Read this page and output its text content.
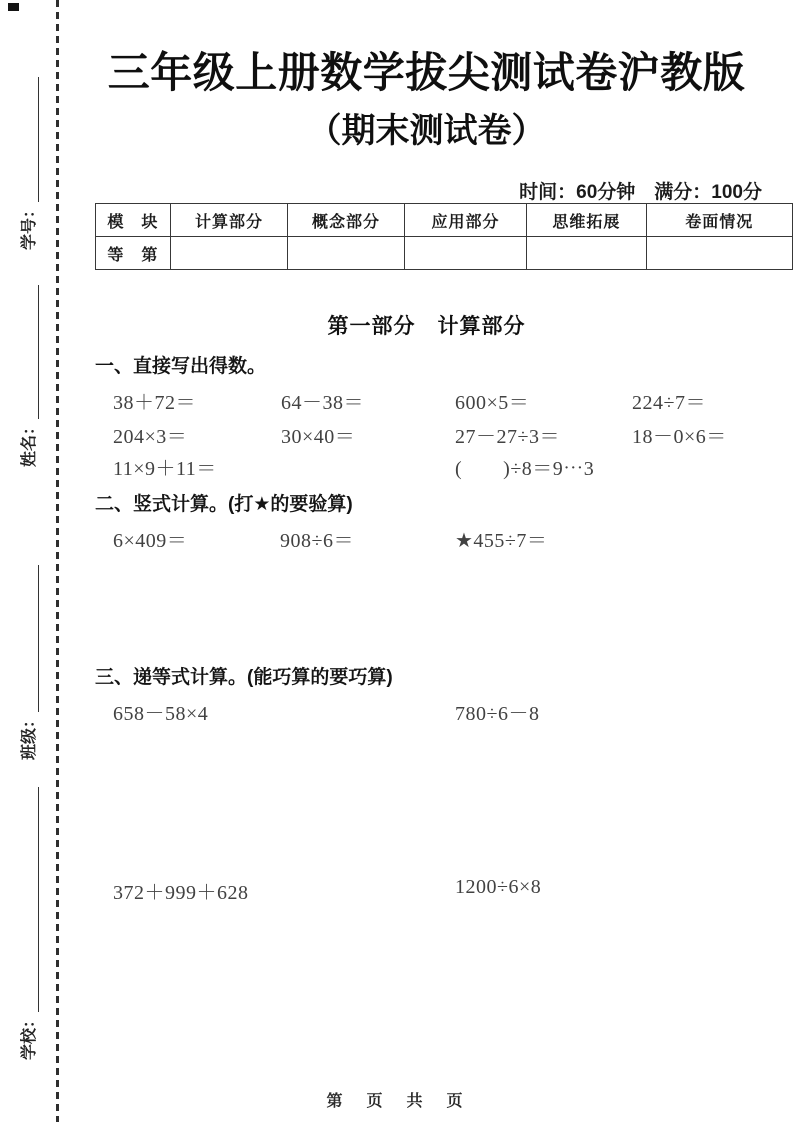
学号：
姓名：
班级：
学校：
三年级上册数学拔尖测试卷沪教版
（期末测试卷）
时间：60分钟　满分：100分
模　块	计算部分	概念部分	应用部分	思维拓展	卷面情况
等　第					
第一部分　计算部分
一、直接写出得数。
38＋72＝	64－38＝	600×5＝	224÷7＝
204×3＝	30×40＝	27－27÷3＝	18－0×6＝
11×9＋11＝	(　　)÷8＝9⋯3
二、竖式计算。(打★的要验算)
6×409＝	908÷6＝	★455÷7＝
三、递等式计算。(能巧算的要巧算)
658－58×4	780÷6－8
372＋999＋628	1200÷6×8
第　页　共　页
